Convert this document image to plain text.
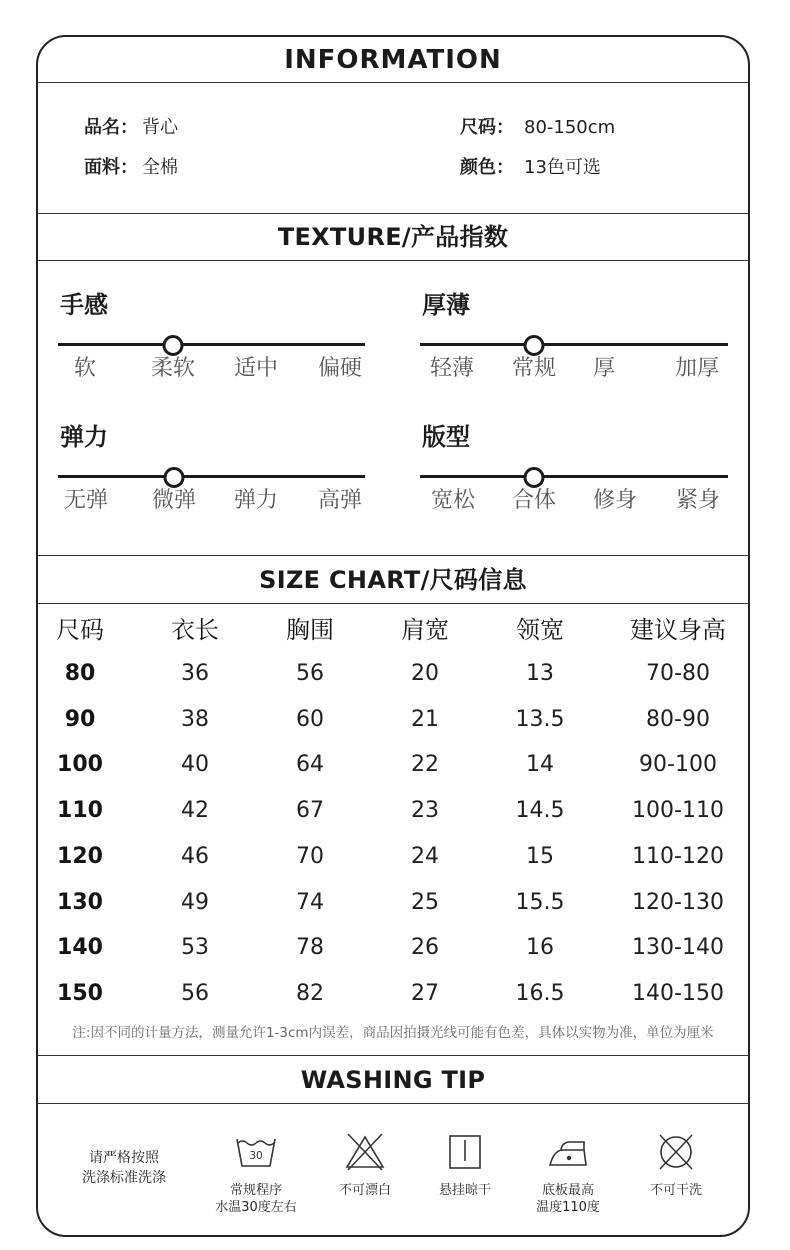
INFORMATION
品名： 背心	尺码： 80-150cm
面料： 全棉	颜色： 13色可选
TEXTURE/产品指数
手感
软 柔软 适中 偏硬
厚薄
轻薄 常规 厚	加厚
弹力
无弹 微弹 弹力 高弹
版型
宽松 合体 修身 紧身
SIZE CHART/尺码信息
尺码	衣长	胸围	肩宽	领宽	建议身高
80	36	56	20	13	70-80
90	38	60	21	13.5	80-90
100	40	64	22	14	90-100
110	42	67	23	14.5	100-110
120	46	70	24	15	110-120
130	49	74	25	15.5	120-130
140	53	78	26	16	130-140
150	56	82	27	16.5	140-150
注:因不同的计量方法，测量允许1-3cm内误差，商品因拍摄光线可能有色差，具体以实物为准，单位为厘米
WASHING TIP
请严格按照
洗涤标准洗涤
30
常规程序
水温30度左右
不可漂白	悬挂晾干	底板最高
温度110度
不可干洗
